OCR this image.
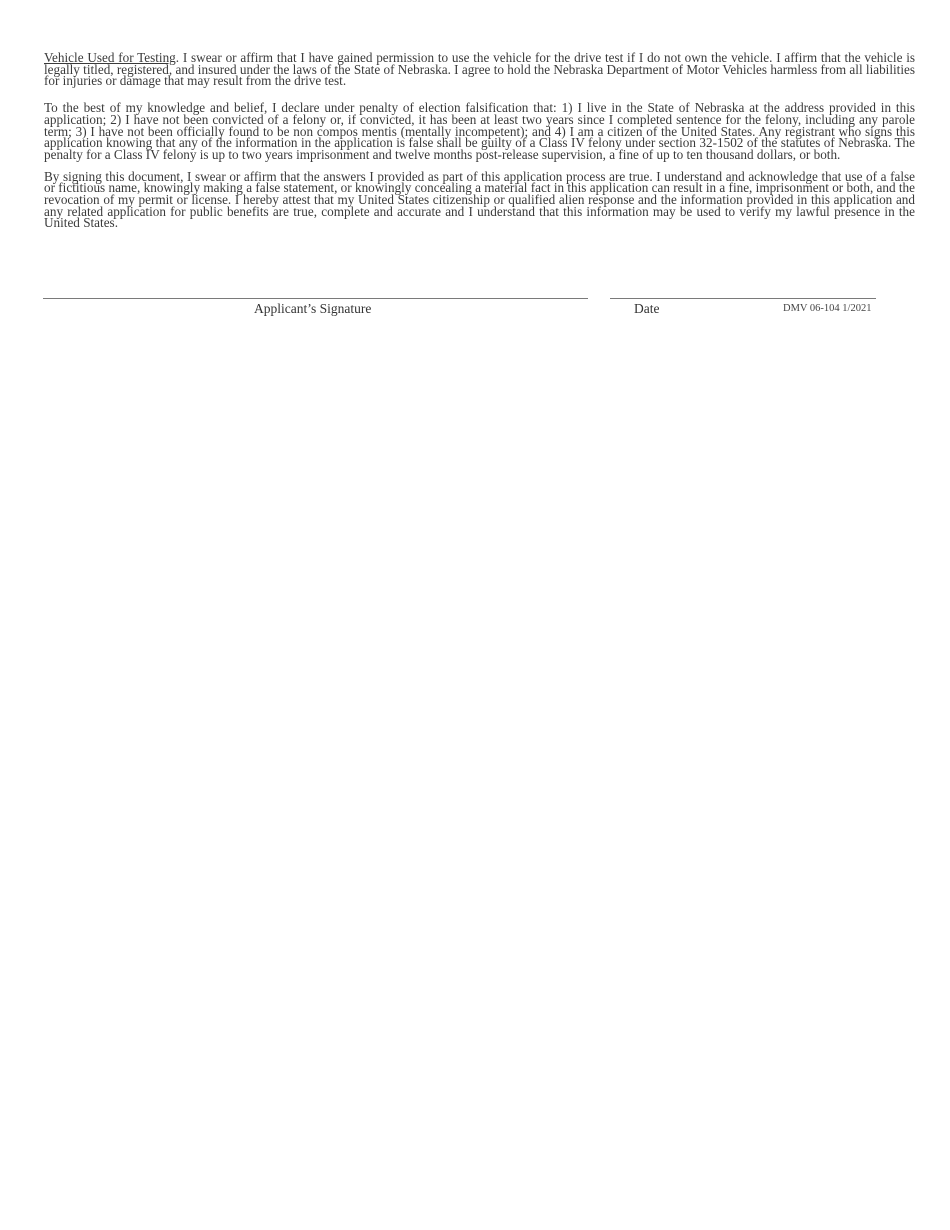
Vehicle Used for Testing. I swear or affirm that I have gained permission to use the vehicle for the drive test if I do not own the vehicle. I affirm that the vehicle is legally titled, registered, and insured under the laws of the State of Nebraska. I agree to hold the Nebraska Department of Motor Vehicles harmless from all liabilities for injuries or damage that may result from the drive test.

To the best of my knowledge and belief, I declare under penalty of election falsification that: 1) I live in the State of Nebraska at the address provided in this application; 2) I have not been convicted of a felony or, if convicted, it has been at least two years since I completed sentence for the felony, including any parole term; 3) I have not been officially found to be non compos mentis (mentally incompetent); and 4) I am a citizen of the United States. Any registrant who signs this application knowing that any of the information in the application is false shall be guilty of a Class IV felony under section 32-1502 of the statutes of Nebraska. The penalty for a Class IV felony is up to two years imprisonment and twelve months post-release supervision, a fine of up to ten thousand dollars, or both.

By signing this document, I swear or affirm that the answers I provided as part of this application process are true. I understand and acknowledge that use of a false or fictitious name, knowingly making a false statement, or knowingly concealing a material fact in this application can result in a fine, imprisonment or both, and the revocation of my permit or license. I hereby attest that my United States citizenship or qualified alien response and the information provided in this application and any related application for public benefits are true, complete and accurate and I understand that this information may be used to verify my lawful presence in the United States.

Applicant’s Signature	Date	DMV 06-104 1/2021
